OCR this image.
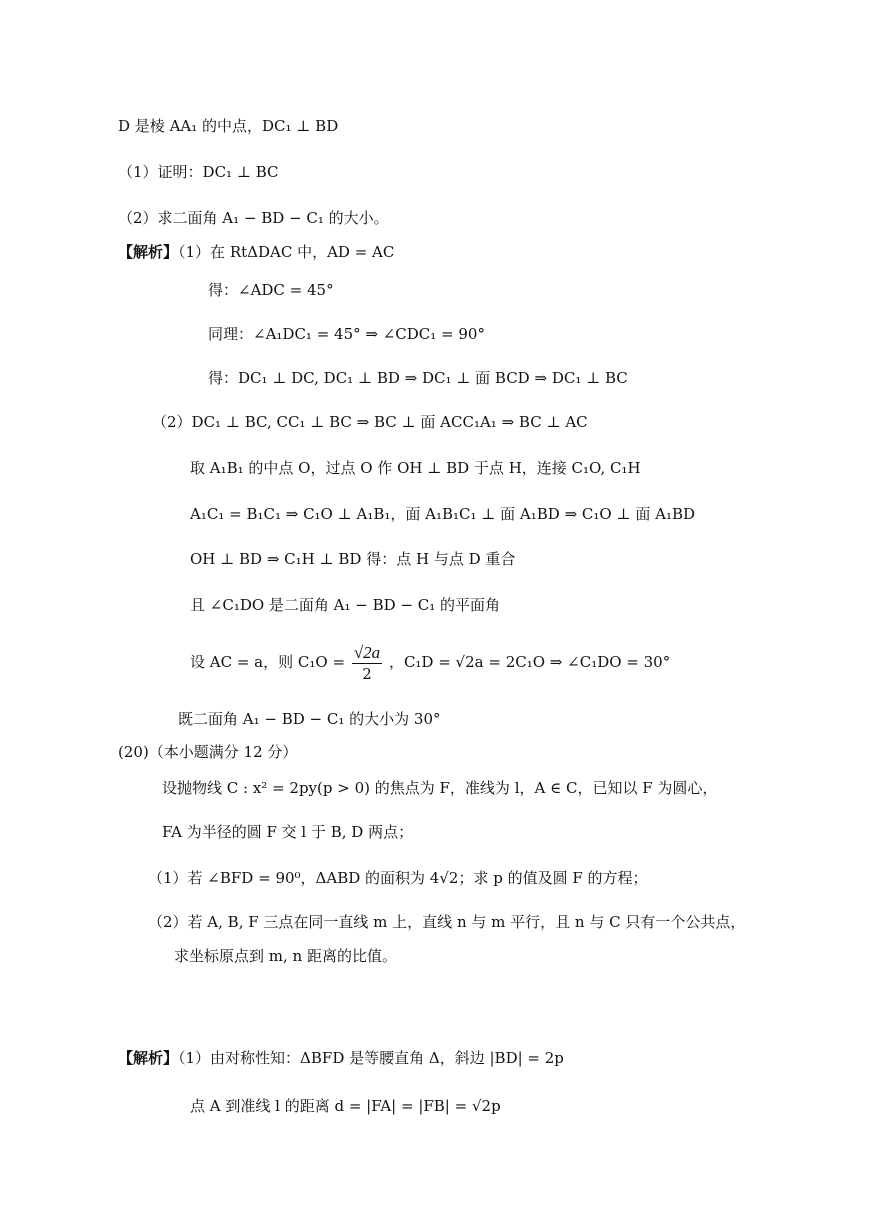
D 是棱 AA₁ 的中点，DC₁ ⊥ BD
（1）证明：DC₁ ⊥ BC
（2）求二面角 A₁ − BD − C₁ 的大小。
【解析】（1）在 RtΔDAC 中，AD = AC
得：∠ADC = 45°
同理：∠A₁DC₁ = 45° ⇒ ∠CDC₁ = 90°
得：DC₁ ⊥ DC, DC₁ ⊥ BD ⇒ DC₁ ⊥ 面 BCD ⇒ DC₁ ⊥ BC
（2）DC₁ ⊥ BC, CC₁ ⊥ BC ⇒ BC ⊥ 面 ACC₁A₁ ⇒ BC ⊥ AC
取 A₁B₁ 的中点 O，过点 O 作 OH ⊥ BD 于点 H，连接 C₁O, C₁H
A₁C₁ = B₁C₁ ⇒ C₁O ⊥ A₁B₁，面 A₁B₁C₁ ⊥ 面 A₁BD ⇒ C₁O ⊥ 面 A₁BD
OH ⊥ BD ⇒ C₁H ⊥ BD 得：点 H 与点 D 重合
且 ∠C₁DO 是二面角 A₁ − BD − C₁ 的平面角
设 AC = a，则 $C_1O = \frac{√2a}{2}$ ，C₁D = √2a = 2C₁O ⇒ ∠C₁DO = 30°
既二面角 A₁ − BD − C₁ 的大小为 30°
(20)（本小题满分 12 分）
设抛物线 C : x² = 2py(p > 0) 的焦点为 F，准线为 l，A ∈ C，已知以 F 为圆心，
FA 为半径的圆 F 交 l 于 B, D 两点；
（1）若 ∠BFD = 90⁰，ΔABD 的面积为 4√2；求 p 的值及圆 F 的方程；
（2）若 A, B, F 三点在同一直线 m 上，直线 n 与 m 平行，且 n 与 C 只有一个公共点，
求坐标原点到 m, n 距离的比值。
【解析】（1）由对称性知：ΔBFD 是等腰直角 Δ，斜边 |BD| = 2p
点 A 到准线 l 的距离 d = |FA| = |FB| = √2p
